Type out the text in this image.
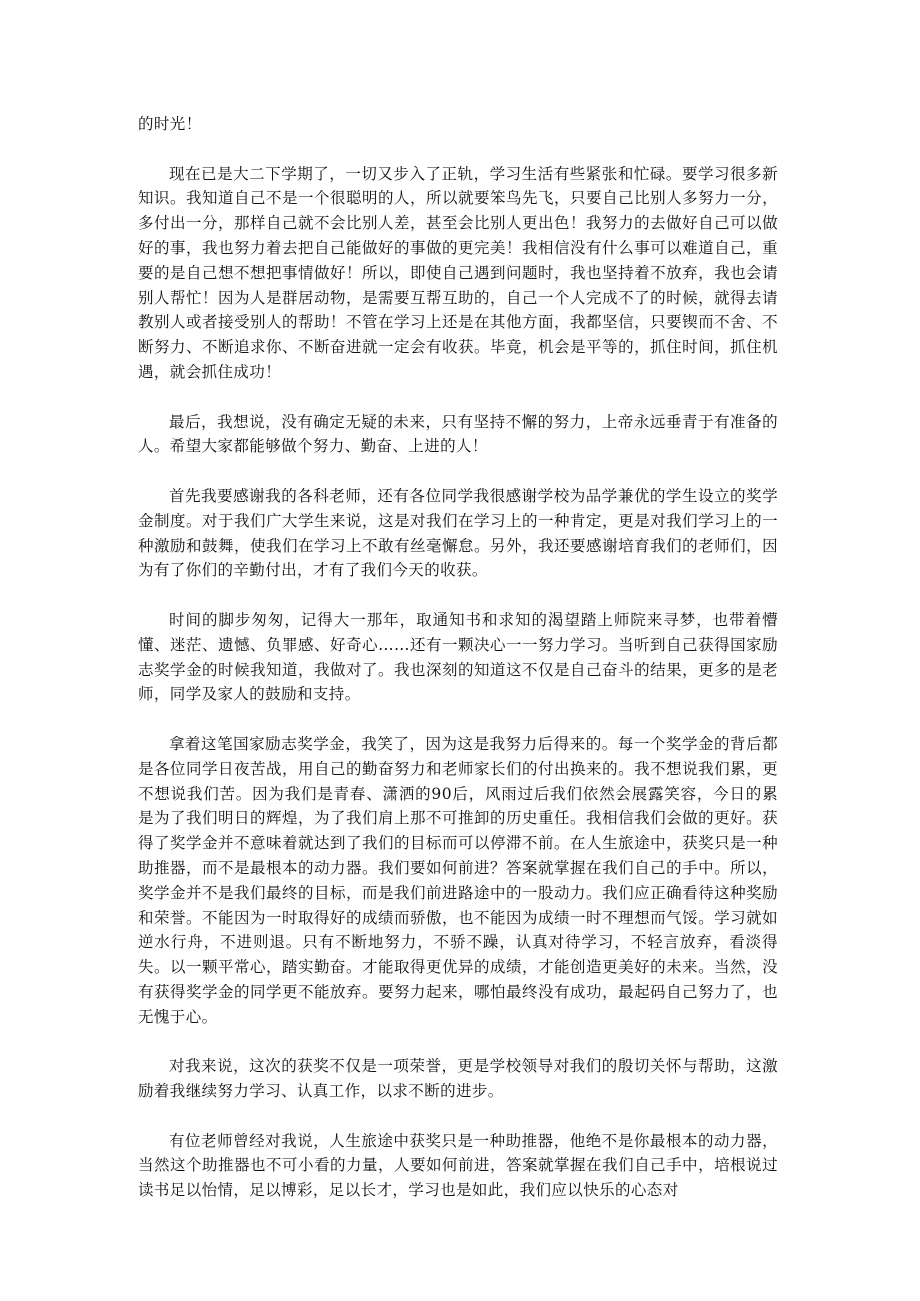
的时光！

现在已是大二下学期了，一切又步入了正轨，学习生活有些紧张和忙碌。要学习很多新知识。我知道自己不是一个很聪明的人，所以就要笨鸟先飞，只要自己比别人多努力一分，多付出一分，那样自己就不会比别人差，甚至会比别人更出色！我努力的去做好自己可以做好的事，我也努力着去把自己能做好的事做的更完美！我相信没有什么事可以难道自己，重要的是自己想不想把事情做好！所以，即使自己遇到问题时，我也坚持着不放弃，我也会请别人帮忙！因为人是群居动物，是需要互帮互助的，自己一个人完成不了的时候，就得去请教别人或者接受别人的帮助！不管在学习上还是在其他方面，我都坚信，只要锲而不舍、不断努力、不断追求你、不断奋进就一定会有收获。毕竟，机会是平等的，抓住时间，抓住机遇，就会抓住成功！

最后，我想说，没有确定无疑的未来，只有坚持不懈的努力，上帝永远垂青于有准备的人。希望大家都能够做个努力、勤奋、上进的人！

首先我要感谢我的各科老师，还有各位同学我很感谢学校为品学兼优的学生设立的奖学金制度。对于我们广大学生来说，这是对我们在学习上的一种肯定，更是对我们学习上的一种激励和鼓舞，使我们在学习上不敢有丝毫懈怠。另外，我还要感谢培育我们的老师们，因为有了你们的辛勤付出，才有了我们今天的收获。

时间的脚步匆匆，记得大一那年，取通知书和求知的渴望踏上师院来寻梦，也带着懵懂、迷茫、遗憾、负罪感、好奇心……还有一颗决心一一努力学习。当听到自己获得国家励志奖学金的时候我知道，我做对了。我也深刻的知道这不仅是自己奋斗的结果，更多的是老师，同学及家人的鼓励和支持。

拿着这笔国家励志奖学金，我笑了，因为这是我努力后得来的。每一个奖学金的背后都是各位同学日夜苦战，用自己的勤奋努力和老师家长们的付出换来的。我不想说我们累，更不想说我们苦。因为我们是青春、潇洒的90后，风雨过后我们依然会展露笑容，今日的累是为了我们明日的辉煌，为了我们肩上那不可推卸的历史重任。我相信我们会做的更好。获得了奖学金并不意味着就达到了我们的目标而可以停滞不前。在人生旅途中，获奖只是一种助推器，而不是最根本的动力器。我们要如何前进？答案就掌握在我们自己的手中。所以，奖学金并不是我们最终的目标，而是我们前进路途中的一股动力。我们应正确看待这种奖励和荣誉。不能因为一时取得好的成绩而骄傲，也不能因为成绩一时不理想而气馁。学习就如逆水行舟，不进则退。只有不断地努力，不骄不躁，认真对待学习，不轻言放弃，看淡得失。以一颗平常心，踏实勤奋。才能取得更优异的成绩，才能创造更美好的未来。当然，没有获得奖学金的同学更不能放弃。要努力起来，哪怕最终没有成功，最起码自己努力了，也无愧于心。

对我来说，这次的获奖不仅是一项荣誉，更是学校领导对我们的殷切关怀与帮助，这激励着我继续努力学习、认真工作，以求不断的进步。

有位老师曾经对我说，人生旅途中获奖只是一种助推器，他绝不是你最根本的动力器，当然这个助推器也不可小看的力量，人要如何前进，答案就掌握在我们自己手中，培根说过读书足以怡情，足以博彩，足以长才，学习也是如此，我们应以快乐的心态对
